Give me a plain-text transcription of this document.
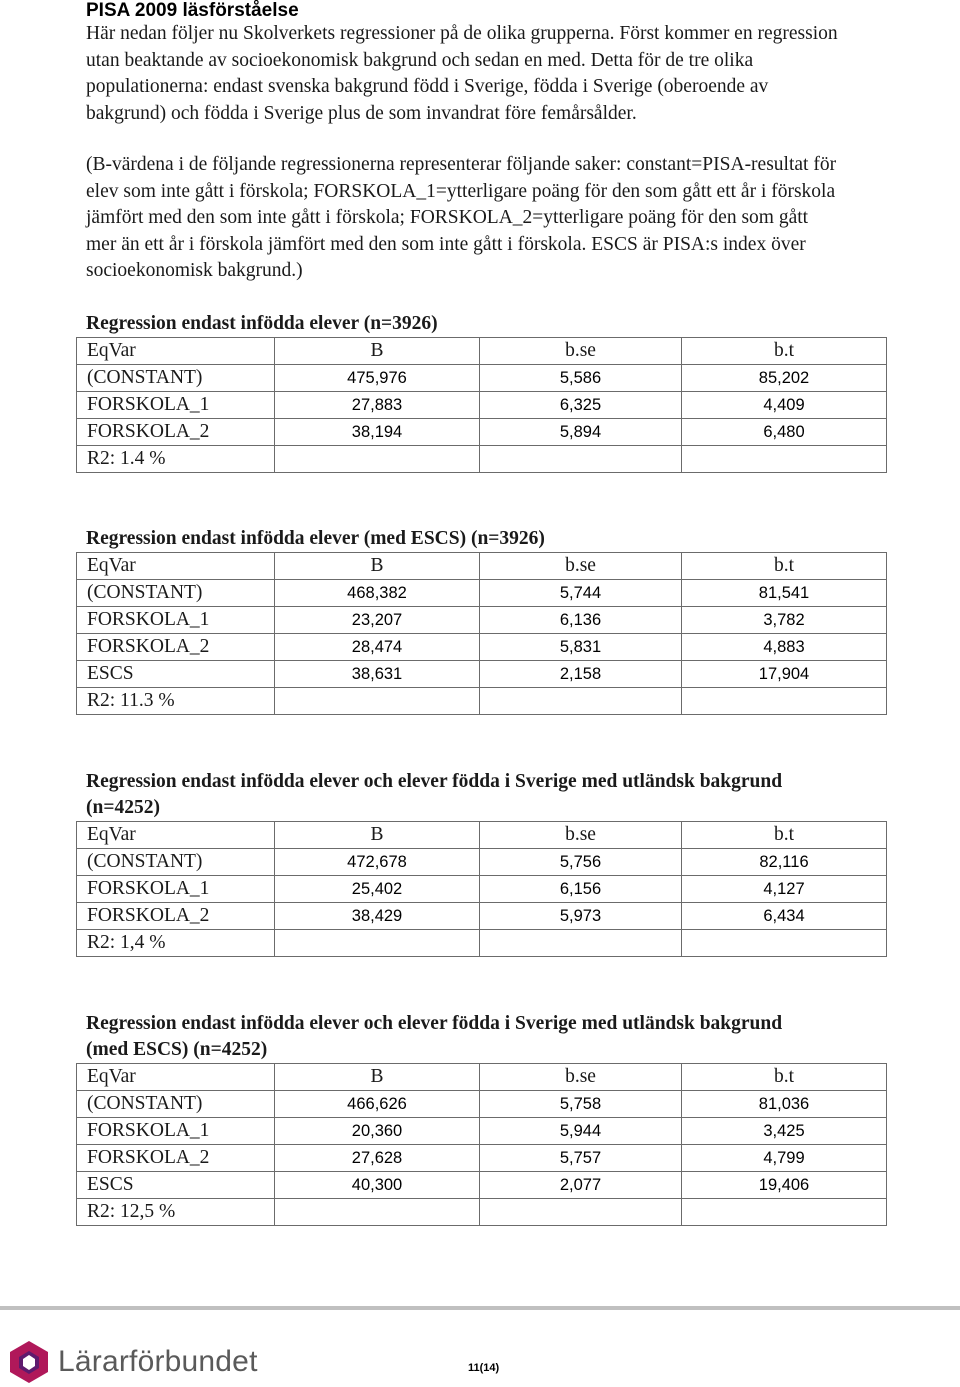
PISA 2009 läsförståelse
Här nedan följer nu Skolverkets regressioner på de olika grupperna. Först kommer en regression
utan beaktande av socioekonomisk bakgrund och sedan en med. Detta för de tre olika
populationerna: endast svenska bakgrund född i Sverige, födda i Sverige (oberoende av
bakgrund) och födda i Sverige plus de som invandrat före femårsålder.
(B-värdena i de följande regressionerna representerar följande saker: constant=PISA-resultat för
elev som inte gått i förskola; FORSKOLA_1=ytterligare poäng för den som gått ett år i förskola
jämfört med den som inte gått i förskola; FORSKOLA_2=ytterligare poäng för den som gått
mer än ett år i förskola jämfört med den som inte gått i förskola. ESCS är PISA:s index över
socioekonomisk bakgrund.)
Regression endast infödda elever (n=3926)
EqVar	B	b.se	b.t
(CONSTANT)	475,976	5,586	85,202
FORSKOLA_1	27,883	6,325	4,409
FORSKOLA_2	38,194	5,894	6,480
R2: 1.4 %			
Regression endast infödda elever (med ESCS) (n=3926)
EqVar	B	b.se	b.t
(CONSTANT)	468,382	5,744	81,541
FORSKOLA_1	23,207	6,136	3,782
FORSKOLA_2	28,474	5,831	4,883
ESCS	38,631	2,158	17,904
R2: 11.3 %			
Regression endast infödda elever och elever födda i Sverige med utländsk bakgrund
(n=4252)
EqVar	B	b.se	b.t
(CONSTANT)	472,678	5,756	82,116
FORSKOLA_1	25,402	6,156	4,127
FORSKOLA_2	38,429	5,973	6,434
R2: 1,4 %			
Regression endast infödda elever och elever födda i Sverige med utländsk bakgrund
(med ESCS) (n=4252)
EqVar	B	b.se	b.t
(CONSTANT)	466,626	5,758	81,036
FORSKOLA_1	20,360	5,944	3,425
FORSKOLA_2	27,628	5,757	4,799
ESCS	40,300	2,077	19,406
R2: 12,5 %			
Lärarförbundet	11(14)
